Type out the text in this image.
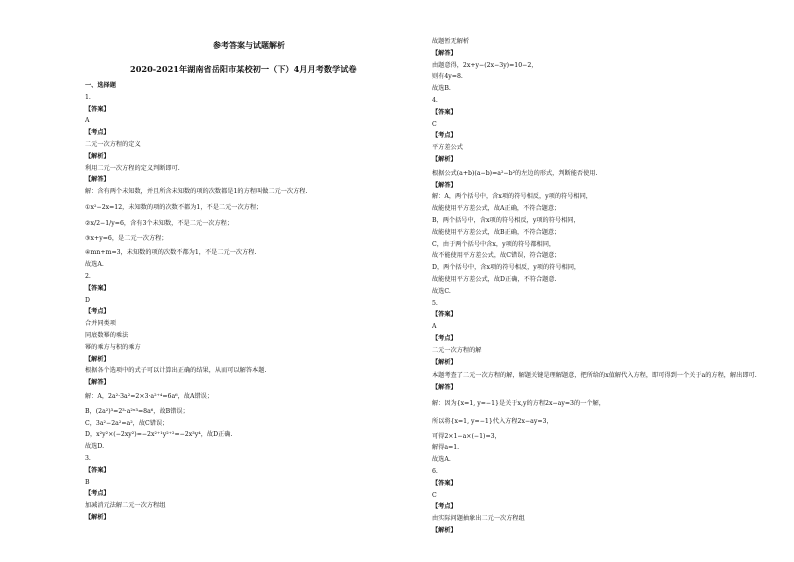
参考答案与试题解析
2020-2021年湖南省岳阳市某校初一（下）4月月考数学试卷
一、选择题
1.
【答案】
A
【考点】
二元一次方程的定义
【解析】
利用二元一次方程的定义判断即可.
【解答】
解：含有两个未知数，并且所含未知数的项的次数都是1的方程叫做二元一次方程.
①x²−2x=12，未知数的项的次数不都为1，不是二元一次方程；
②x/2−1/y=6，含有3个未知数，不是二元一次方程；
③x+y=6，是二元一次方程；
④mn+m=3，未知数的项的次数不都为1，不是二元一次方程.
故选A.
2.
【答案】
D
【考点】
合并同类项
同底数幂的乘法
幂的乘方与积的乘方
【解析】
根据各个选项中的式子可以计算出正确的结果，从而可以解答本题.
【解答】
解：A，2a²·3a²=2×3·a²⁺⁴=6a⁶，故A错误；
B，(2a²)³=2³·a²ˣ³=8a⁶，故B错误；
C，3a²−2a²=a²，故C错误；
D，x²y²×(−2xy²)=−2x²⁺¹y²⁺²=−2x³y⁴，故D正确.
故选D.
3.
【答案】
B
【考点】
加减消元法解二元一次方程组
【解析】
故题暂无解析
【解答】
由题意得，2x+y−(2x−3y)=10−2，
则有4y=8.
故选B.
4.
【答案】
C
【考点】
平方差公式
【解析】
根据公式(a+b)(a−b)=a²−b²的左边的形式，判断能否使用.
【解答】
解：A，两个括号中，含x项的符号相反，y项的符号相同，
故能使用平方差公式，故A正确，不符合题意；
B，两个括号中，含x项的符号相反，y项的符号相同，
故能使用平方差公式，故B正确，不符合题意；
C，由于两个括号中含x，y项的符号都相同，
故不能使用平方差公式，故C错误，符合题意；
D，两个括号中，含x项的符号相反，y项的符号相同，
故能使用平方差公式，故D正确，不符合题意.
故选C.
5.
【答案】
A
【考点】
二元一次方程的解
【解析】
本题考查了二元一次方程的解，解题关键是理解题意，把所给的x值解代入方程，即可得到一个关于a的方程，解出即可.
【解答】
解：因为{x=1, y=−1}是关于x,y的方程2x−ay=3的一个解，
所以将{x=1, y=−1}代入方程2x−ay=3，
可得2×1−a×(−1)=3，
解得a=1.
故选A.
6.
【答案】
C
【考点】
由实际问题抽象出二元一次方程组
【解析】
